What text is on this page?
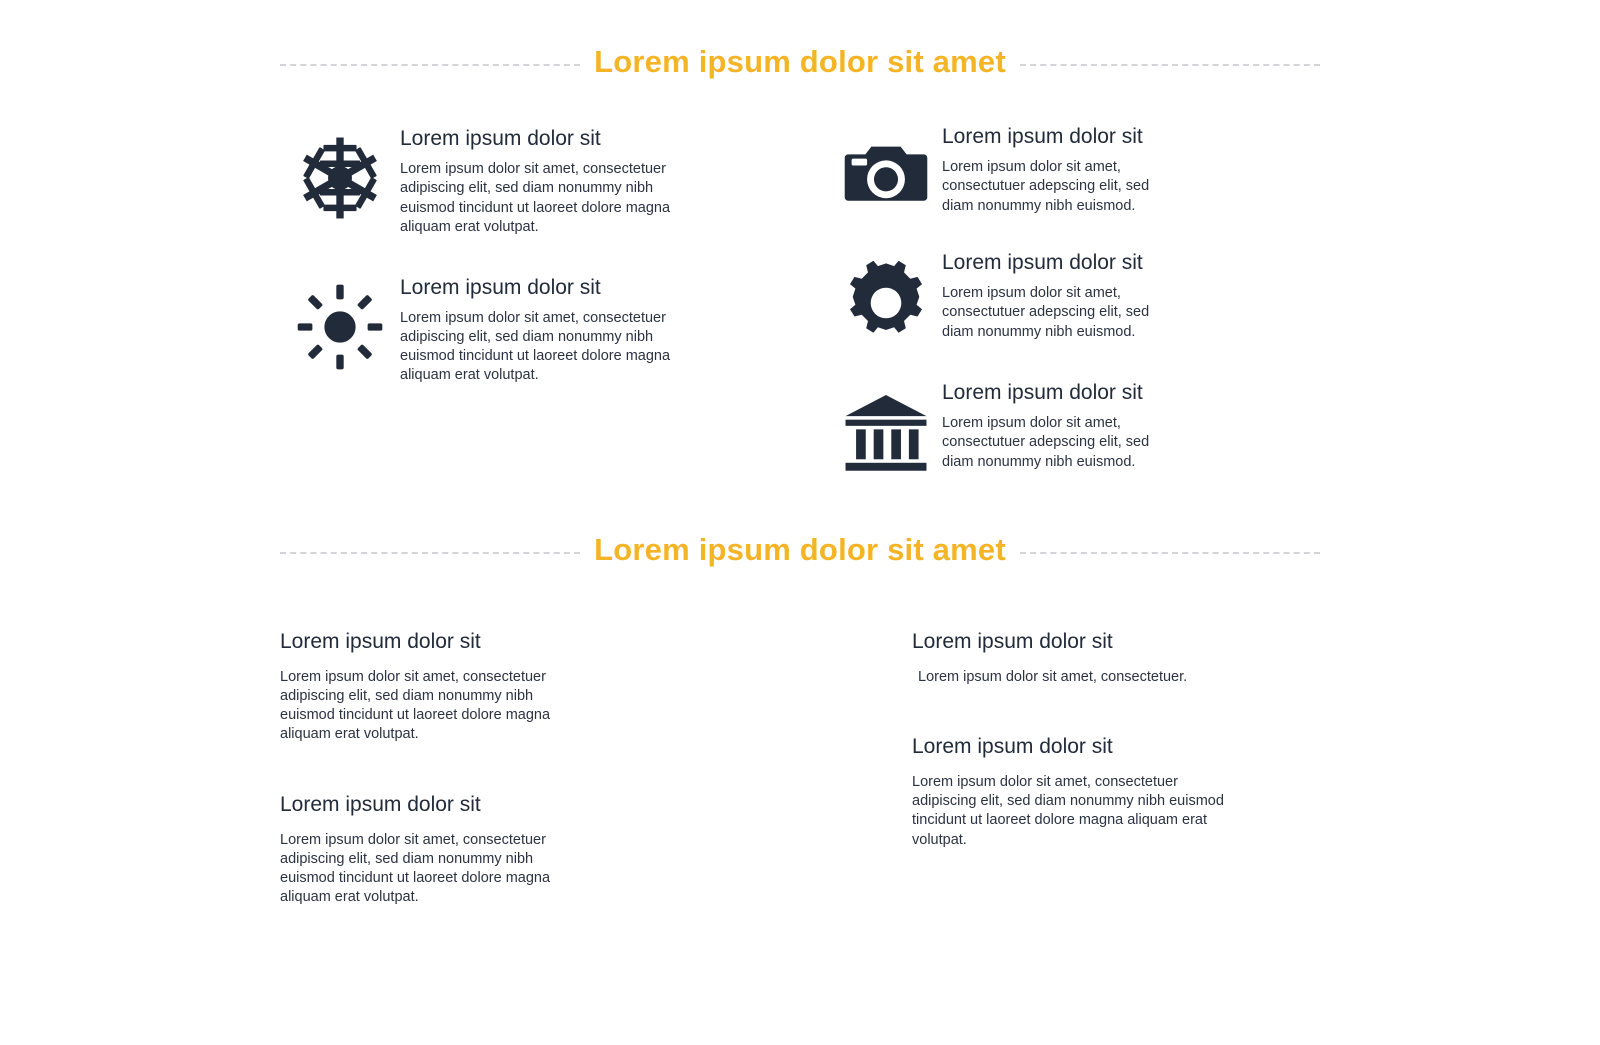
Lorem ipsum dolor sit amet
Lorem ipsum dolor sit

Lorem ipsum dolor sit amet, consectetuer adipiscing elit, sed diam nonummy nibh euismod tincidunt ut laoreet dolore magna aliquam erat volutpat.

Lorem ipsum dolor sit

Lorem ipsum dolor sit amet, consectetuer adipiscing elit, sed diam nonummy nibh euismod tincidunt ut laoreet dolore magna aliquam erat volutpat.

Lorem ipsum dolor sit

Lorem ipsum dolor sit amet, consectutuer adepscing elit, sed diam nonummy nibh euismod.

Lorem ipsum dolor sit

Lorem ipsum dolor sit amet, consectutuer adepscing elit, sed diam nonummy nibh euismod.

Lorem ipsum dolor sit

Lorem ipsum dolor sit amet, consectutuer adepscing elit, sed diam nonummy nibh euismod.

Lorem ipsum dolor sit amet
Lorem ipsum dolor sit

Lorem ipsum dolor sit amet, consectetuer adipiscing elit, sed diam nonummy nibh euismod tincidunt ut laoreet dolore magna aliquam erat volutpat.

Lorem ipsum dolor sit

Lorem ipsum dolor sit amet, consectetuer adipiscing elit, sed diam nonummy nibh euismod tincidunt ut laoreet dolore magna aliquam erat volutpat.

Lorem ipsum dolor sit

Lorem ipsum dolor sit amet, consectetuer.

Lorem ipsum dolor sit

Lorem ipsum dolor sit amet, consectetuer adipiscing elit, sed diam nonummy nibh euismod tincidunt ut laoreet dolore magna aliquam erat volutpat.
